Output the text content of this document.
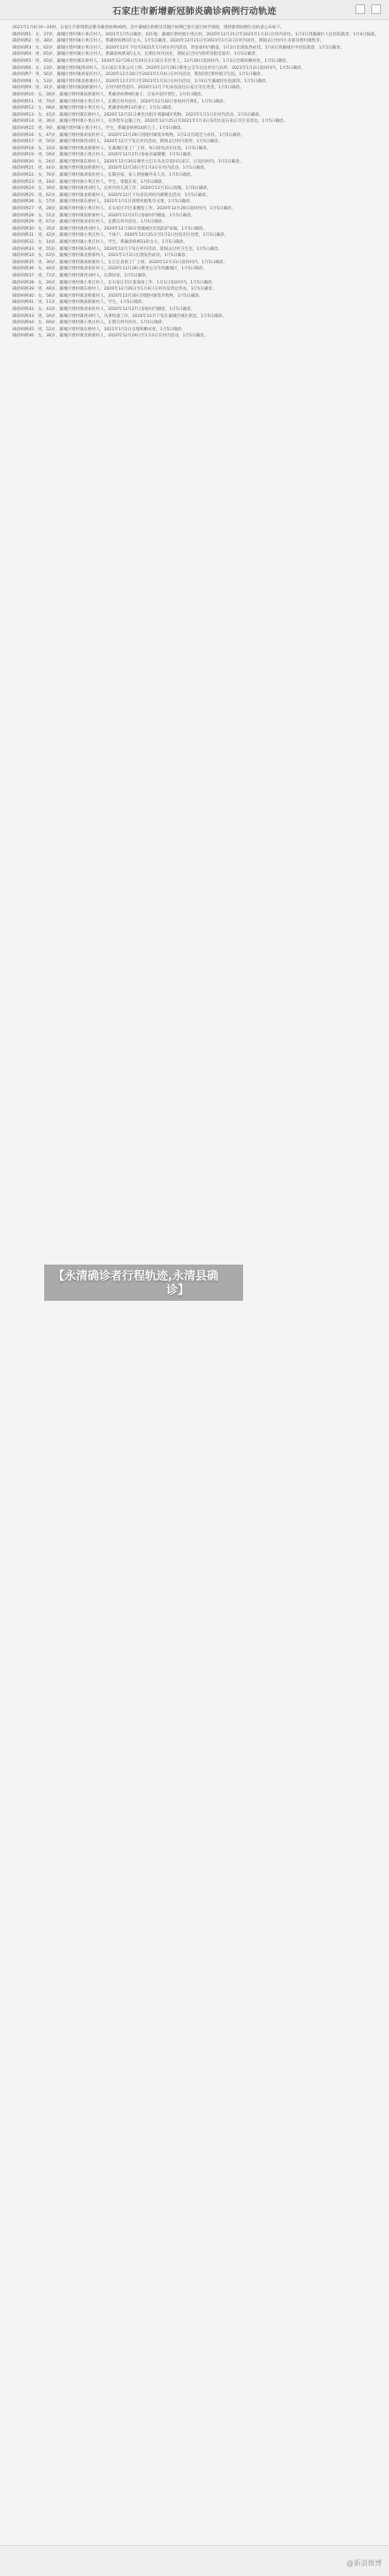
石家庄市新增新冠肺炎确诊病例行动轨迹

2021年1月6日0—24时，石家庄市新增新冠肺炎确诊病例46例，其中藁城区病例及其他区病例已进行流行病学调查，现将新增病例行动轨迹公布如下。

确诊病例1：女，37岁，藁城区增村镇小果庄村人。2021年1月5日确诊。居住地：藁城区增村镇小果庄村。2020年12月21日至2021年1月3日在村内居住，1月3日到藁城区人民医院就诊，1月4日隔离。

确诊病例2：男，38岁，藁城区增村镇小果庄村人，系确诊病例1的丈夫。1月5日确诊。2020年12月21日至2021年1月3日在村内居住，期间去过村内小卖部及增村镇集市。

确诊病例3：女，62岁，藁城区增村镇小果庄村人，2020年12月下旬至2021年1月初在村内活动，曾参加村内婚宴，1月2日出现发热症状，1月4日到藁城区中医院就诊，1月5日确诊。

确诊病例4：男，65岁，藁城区增村镇小果庄村人，系确诊病例3的丈夫，长期在村内居住，期间去过村内诊所及附近超市，1月5日确诊。

确诊病例5：男，45岁，藁城区增村镇东桥村人，2020年12月26日至29日在石家庄市区务工，12月30日返回村内，1月3日出现咳嗽症状，1月5日确诊。

确诊病例6：女，23岁，藁城区增村镇西刘村人，在石家庄市某公司上班，2020年12月28日乘坐公交车往返单位与住所，2021年1月2日返回村内，1月5日确诊。

确诊病例7：男，56岁，藁城区增村镇刘家佐村人，2020年12月24日至2021年1月4日在村内活动，期间到过增村镇卫生院，1月5日确诊。

确诊病例8：女，53岁，藁城区增村镇北桥寨村人，2020年12月27日至2021年1月3日在村内活动，1月4日至藁城区医院就诊，1月5日确诊。

确诊病例9：男，31岁，藁城区增村镇南桥寨村人，在村内经营超市，2020年12月下旬多次前往石家庄市区进货，1月5日确诊。

确诊病例10：女，28岁，藁城区增村镇南桥寨村人，系确诊病例9的妻子，在家中超市帮忙，1月5日确诊。

确诊病例11：男，70岁，藁城区增村镇小果庄村人，长期在村内居住，2020年12月30日参加村内葬礼，1月5日确诊。

确诊病例12：女，68岁，藁城区增村镇小果庄村人，系确诊病例11的妻子，1月5日确诊。

确诊病例13：女，41岁，藁城区增村镇东桥村人，2020年12月31日乘坐出租车到藁城区购物，2021年1月1日在村内活动，1月5日确诊。

确诊病例14：男，36岁，藁城区增村镇小果庄村人，从事货车运输工作，2020年12月25日至2021年1月3日多次往返石家庄市区及周边，1月5日确诊。

确诊病例15：男，9岁，藁城区增村镇小果庄村人，学生，系确诊病例14的儿子，1月5日确诊。

确诊病例16：女，47岁，藁城区增村镇刘家佐村人，2020年12月29日到增村镇集市购物，1月2日出现乏力症状，1月5日确诊。

确诊病例17：男，50岁，藁城区增村镇西刘村人，2020年12月下旬在村内活动，期间去过村内诊所，1月5日确诊。

确诊病例18：女，33岁，藁城区增村镇北桥寨村人，在藁城区某工厂上班，每日骑电动车往返，1月5日确诊。

确诊病例19：男，59岁，藁城区增村镇小果庄村人，2020年12月27日参加亲属聚餐，1月5日确诊。

确诊病例20：女，24岁，藁城区增村镇东桥村人，2020年12月30日乘坐大巴车从北京返回石家庄，后返回村内，1月5日确诊。

确诊病例21：男，44岁，藁城区增村镇南桥寨村人，2020年12月26日至1月3日在村内活动，1月5日确诊。

确诊病例22：女，76岁，藁城区增村镇刘家佐村人，长期居家，家人曾接触外来人员，1月5日确诊。

确诊病例23：男，18岁，藁城区增村镇小果庄村人，学生，寒假在家，1月5日确诊。

确诊病例24：女，39岁，藁城区增村镇西刘村人，在村内幼儿园工作，2020年12月31日放假，1月5日确诊。

确诊病例25：男，62岁，藁城区增村镇北桥寨村人，2020年12月下旬多次到村内棋牌室活动，1月5日确诊。

确诊病例26：女，57岁，藁城区增村镇东桥村人，2021年1月1日到增村镇集市买菜，1月5日确诊。

确诊病例27：男，28岁，藁城区增村镇小果庄村人，在石家庄市区某餐馆工作，2020年12月29日返回村内，1月5日确诊。

确诊病例28：女，51岁，藁城区增村镇南桥寨村人，2020年12月27日参加村内婚宴，1月5日确诊。

确诊病例29：男，67岁，藁城区增村镇刘家佐村人，长期在村内居住，1月5日确诊。

确诊病例30：女，35岁，藁城区增村镇西刘村人，2020年12月30日到藁城区医院陪护家属，1月5日确诊。

确诊病例31：男，42岁，藁城区增村镇小果庄村人，个体户，2020年12月25日至1月2日往返市区进货，1月5日确诊。

确诊病例32：女，14岁，藁城区增村镇小果庄村人，学生，系确诊病例31的女儿，1月5日确诊。

确诊病例33：男，55岁，藁城区增村镇东桥村人，2020年12月下旬在村内活动，期间去过村卫生室，1月5日确诊。

确诊病例34：女，63岁，藁城区增村镇北桥寨村人，2021年1月2日出现发热症状，1月5日确诊。

确诊病例35：男，30岁，藁城区增村镇南桥寨村人，在正定县某工厂上班，2020年12月31日返回村内，1月5日确诊。

确诊病例36：女，46岁，藁城区增村镇刘家佐村人，2020年12月28日乘坐公交车到藁城区，1月5日确诊。

确诊病例37：男，72岁，藁城区增村镇西刘村人，长期居家，1月5日确诊。

确诊病例38：女，26岁，藁城区增村镇小果庄村人，在石家庄市区某商场工作，1月1日返回村内，1月5日确诊。

确诊病例39：男，48岁，藁城区增村镇东桥村人，2020年12月26日至1月4日在村内及周边务农，1月5日确诊。

确诊病例40：女，58岁，藁城区增村镇北桥寨村人，2020年12月30日到增村镇集市购物，1月5日确诊。

确诊病例41：男，11岁，藁城区增村镇南桥寨村人，学生，1月5日确诊。

确诊病例42：女，43岁，藁城区增村镇刘家佐村人，2020年12月27日参加村内婚宴，1月5日确诊。

确诊病例43：男，34岁，藁城区增村镇西刘村人，从事快递工作，2020年12月下旬在藁城区城区派送，1月5日确诊。

确诊病例44：女，69岁，藁城区增村镇小果庄村人，长期在村内居住，1月5日确诊。

确诊病例45：男，52岁，藁城区增村镇东桥村人，2021年1月2日出现咳嗽症状，1月5日确诊。

确诊病例46：女，38岁，藁城区增村镇北桥寨村人，2020年12月29日至1月3日在村内活动，1月5日确诊。

【永清确诊者行程轨迹,永清县确
诊】
@新浪微博
